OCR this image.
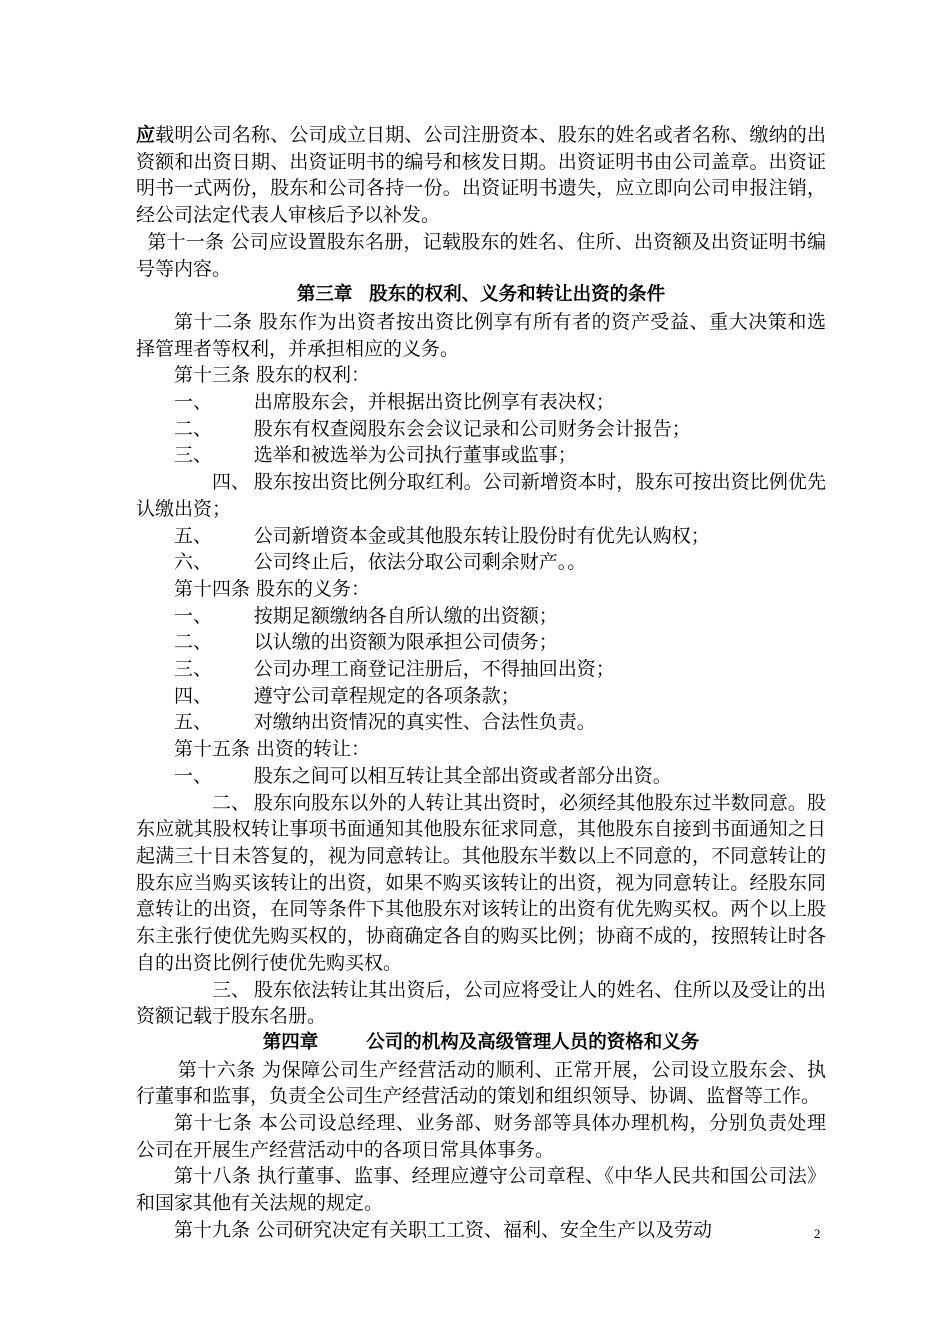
应载明公司名称、公司成立日期、公司注册资本、股东的姓名或者名称、缴纳的出资额和出资日期、出资证明书的编号和核发日期。出资证明书由公司盖章。出资证明书一式两份，股东和公司各持一份。出资证明书遗失，应立即向公司申报注销，经公司法定代表人审核后予以补发。

第十一条 公司应设置股东名册，记载股东的姓名、住所、出资额及出资证明书编号等内容。

第三章 股东的权利、义务和转让出资的条件

第十二条 股东作为出资者按出资比例享有所有者的资产受益、重大决策和选择管理者等权利，并承担相应的义务。

第十三条 股东的权利：

一、 出席股东会，并根据出资比例享有表决权；

二、 股东有权查阅股东会会议记录和公司财务会计报告；

三、 选举和被选举为公司执行董事或监事；

四、 股东按出资比例分取红利。公司新增资本时，股东可按出资比例优先认缴出资；

五、 公司新增资本金或其他股东转让股份时有优先认购权；

六、 公司终止后，依法分取公司剩余财产。。

第十四条 股东的义务：

一、 按期足额缴纳各自所认缴的出资额；

二、 以认缴的出资额为限承担公司债务；

三、 公司办理工商登记注册后，不得抽回出资；

四、 遵守公司章程规定的各项条款；

五、 对缴纳出资情况的真实性、合法性负责。

第十五条 出资的转让：

一、 股东之间可以相互转让其全部出资或者部分出资。

二、 股东向股东以外的人转让其出资时，必须经其他股东过半数同意。股东应就其股权转让事项书面通知其他股东征求同意，其他股东自接到书面通知之日起满三十日未答复的，视为同意转让。其他股东半数以上不同意的，不同意转让的股东应当购买该转让的出资，如果不购买该转让的出资，视为同意转让。经股东同意转让的出资，在同等条件下其他股东对该转让的出资有优先购买权。两个以上股东主张行使优先购买权的，协商确定各自的购买比例；协商不成的，按照转让时各自的出资比例行使优先购买权。

三、 股东依法转让其出资后，公司应将受让人的姓名、住所以及受让的出资额记载于股东名册。

第四章	公司的机构及高级管理人员的资格和义务

第十六条 为保障公司生产经营活动的顺利、正常开展，公司设立股东会、执行董事和监事，负责全公司生产经营活动的策划和组织领导、协调、监督等工作。

第十七条 本公司设总经理、业务部、财务部等具体办理机构，分别负责处理公司在开展生产经营活动中的各项日常具体事务。

第十八条 执行董事、监事、经理应遵守公司章程、《中华人民共和国公司法》和国家其他有关法规的规定。

第十九条 公司研究决定有关职工工资、福利、安全生产以及劳动	2
